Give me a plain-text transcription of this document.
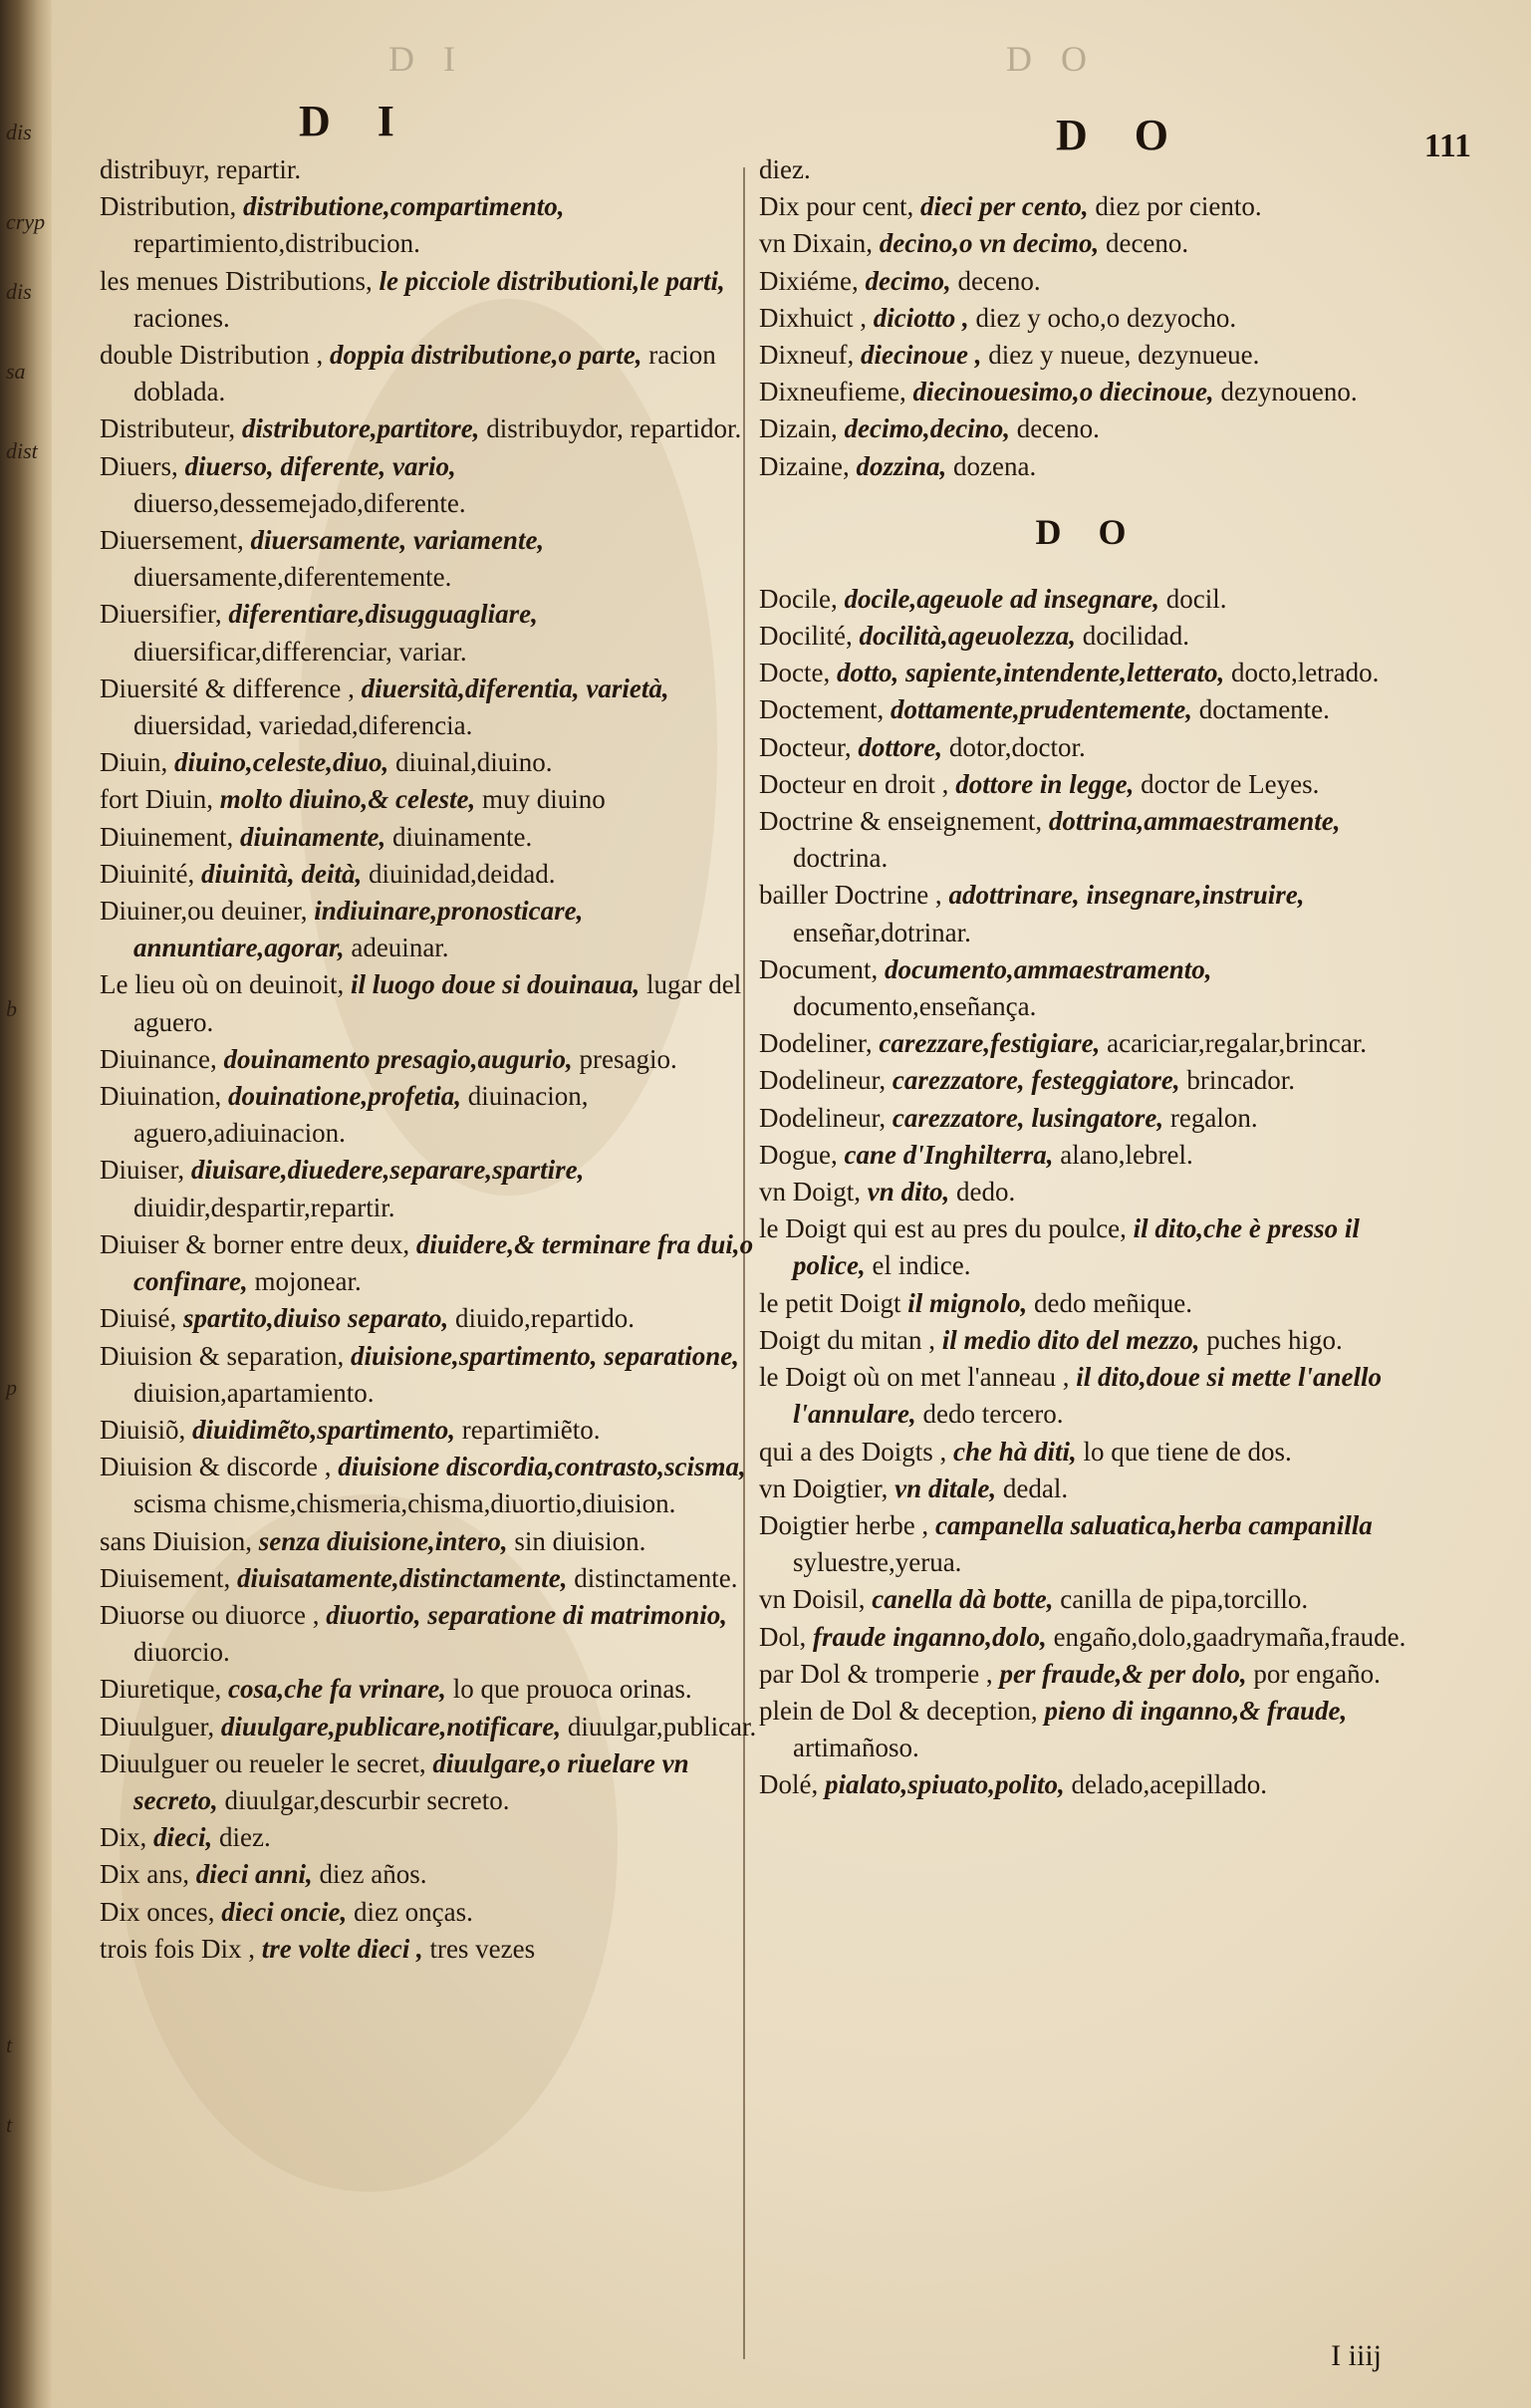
dis
cryp
dis
sa
dist
b
p
t
t
D I	D O
D I	D O	111

distribuyr, repartir.

Distribution, distributione,compartimento, repartimiento,distribucion.

les menues Distributions, le picciole distributioni,le parti, raciones.

double Distribution , doppia distributione,o parte, racion doblada.

Distributeur, distributore,partitore, distribuydor, repartidor.

Diuers, diuerso, diferente, vario, diuerso,dessemejado,diferente.

Diuersement, diuersamente, variamente, diuersamente,diferentemente.

Diuersifier, diferentiare,disugguagliare, diuersificar,differenciar, variar.

Diuersité & difference , diuersità,diferentia, varietà, diuersidad, variedad,diferencia.

Diuin, diuino,celeste,diuo, diuinal,diuino.

fort Diuin, molto diuino,& celeste, muy diuino

Diuinement, diuinamente, diuinamente.

Diuinité, diuinità, deità, diuinidad,deidad.

Diuiner,ou deuiner, indiuinare,pronosticare, annuntiare,agorar, adeuinar.

Le lieu où on deuinoit, il luogo doue si douinaua, lugar del aguero.

Diuinance, douinamento presagio,augurio, presagio.

Diuination, douinatione,profetia, diuinacion, aguero,adiuinacion.

Diuiser, diuisare,diuedere,separare,spartire, diuidir,despartir,repartir.

Diuiser & borner entre deux, diuidere,& terminare fra dui,o confinare, mojonear.

Diuisé, spartito,diuiso separato, diuido,repartido.

Diuision & separation, diuisione,spartimento, separatione, diuision,apartamiento.

Diuisiõ, diuidimẽto,spartimento, repartimiẽto.

Diuision & discorde , diuisione discordia,contrasto,scisma, scisma chisme,chismeria,chisma,diuortio,diuision.

sans Diuision, senza diuisione,intero, sin diuision.

Diuisement, diuisatamente,distinctamente, distinctamente.

Diuorse ou diuorce , diuortio, separatione di matrimonio, diuorcio.

Diuretique, cosa,che fa vrinare, lo que prouoca orinas.

Diuulguer, diuulgare,publicare,notificare, diuulgar,publicar.

Diuulguer ou reueler le secret, diuulgare,o riuelare vn secreto, diuulgar,descurbir secreto.

Dix, dieci, diez.

Dix ans, dieci anni, diez años.

Dix onces, dieci oncie, diez onças.

trois fois Dix , tre volte dieci , tres vezes

diez.

Dix pour cent, dieci per cento, diez por ciento.

vn Dixain, decino,o vn decimo, deceno.

Dixiéme, decimo, deceno.

Dixhuict , diciotto , diez y ocho,o dezyocho.

Dixneuf, diecinoue , diez y nueue, dezynueue.

Dixneufieme, diecinouesimo,o diecinoue, dezynoueno.

Dizain, decimo,decino, deceno.

Dizaine, dozzina, dozena.

D O

Docile, docile,ageuole ad insegnare, docil.

Docilité, docilità,ageuolezza, docilidad.

Docte, dotto, sapiente,intendente,letterato, docto,letrado.

Doctement, dottamente,prudentemente, doctamente.

Docteur, dottore, dotor,doctor.

Docteur en droit , dottore in legge, doctor de Leyes.

Doctrine & enseignement, dottrina,ammaestramente, doctrina.

bailler Doctrine , adottrinare, insegnare,instruire, enseñar,dotrinar.

Document, documento,ammaestramento, documento,enseñança.

Dodeliner, carezzare,festigiare, acariciar,regalar,brincar.

Dodelineur, carezzatore, festeggiatore, brincador.

Dodelineur, carezzatore, lusingatore, regalon.

Dogue, cane d'Inghilterra, alano,lebrel.

vn Doigt, vn dito, dedo.

le Doigt qui est au pres du poulce, il dito,che è presso il police, el indice.

le petit Doigt il mignolo, dedo meñique.

Doigt du mitan , il medio dito del mezzo, puches higo.

le Doigt où on met l'anneau , il dito,doue si mette l'anello l'annulare, dedo tercero.

qui a des Doigts , che hà diti, lo que tiene de dos.

vn Doigtier, vn ditale, dedal.

Doigtier herbe , campanella saluatica,herba campanilla syluestre,yerua.

vn Doisil, canella dà botte, canilla de pipa,torcillo.

Dol, fraude inganno,dolo, engaño,dolo,gaadrymaña,fraude.

par Dol & tromperie , per fraude,& per dolo, por engaño.

plein de Dol & deception, pieno di inganno,& fraude, artimañoso.

Dolé, pialato,spiuato,polito, delado,acepillado.

I iiij
